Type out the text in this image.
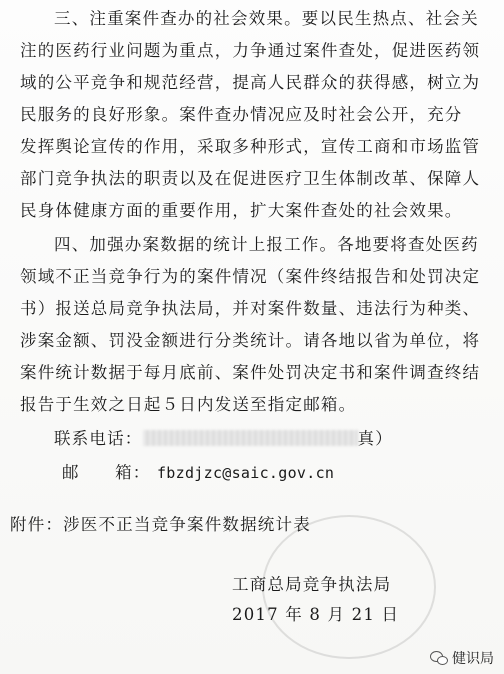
三、注重案件查办的社会效果。要以民生热点、社会关
注的医药行业问题为重点，力争通过案件查处，促进医药领
域的公平竞争和规范经营，提高人民群众的获得感，树立为
民服务的良好形象。案件查办情况应及时社会公开，充分
发挥舆论宣传的作用，采取多种形式，宣传工商和市场监管
部门竞争执法的职责以及在促进医疗卫生体制改革、保障人
民身体健康方面的重要作用，扩大案件查处的社会效果。
四、加强办案数据的统计上报工作。各地要将查处医药
领域不正当竞争行为的案件情况（案件终结报告和处罚决定
书）报送总局竞争执法局，并对案件数量、违法行为种类、
涉案金额、罚没金额进行分类统计。请各地以省为单位，将
案件统计数据于每月底前、案件处罚决定书和案件调查终结
报告于生效之日起５日内发送至指定邮箱。
联系电话：	真）
邮　　箱： fbzdjzc@saic.gov.cn
附件：涉医不正当竞争案件数据统计表
工商总局竞争执法局
2017 年 8 月 21 日
健识局
